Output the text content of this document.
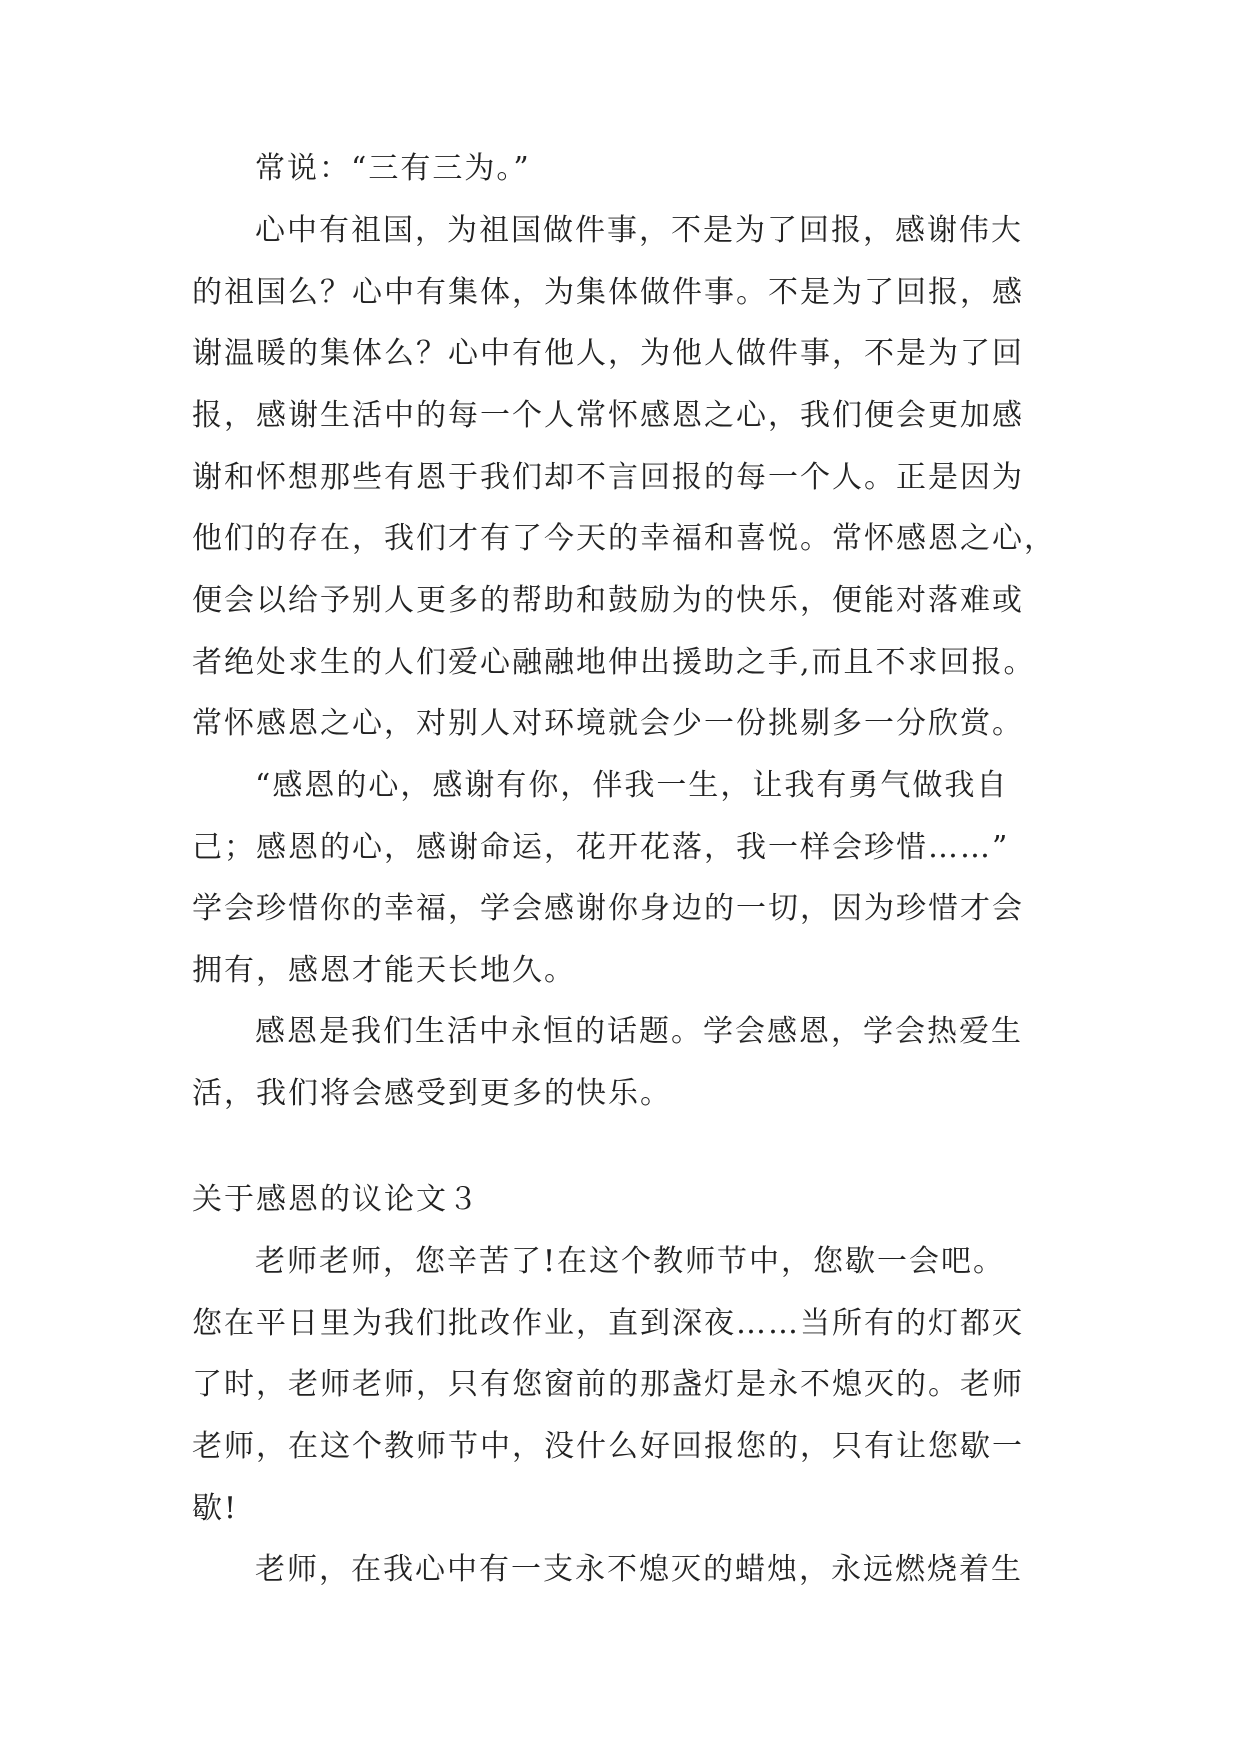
常说：“三有三为。”
心中有祖国，为祖国做件事，不是为了回报，感谢伟大
的祖国么？心中有集体，为集体做件事。不是为了回报，感
谢温暖的集体么？心中有他人，为他人做件事，不是为了回
报，感谢生活中的每一个人常怀感恩之心，我们便会更加感
谢和怀想那些有恩于我们却不言回报的每一个人。正是因为
他们的存在，我们才有了今天的幸福和喜悦。常怀感恩之心，
便会以给予别人更多的帮助和鼓励为的快乐，便能对落难或
者绝处求生的人们爱心融融地伸出援助之手,而且不求回报。
常怀感恩之心，对别人对环境就会少一份挑剔多一分欣赏。
“感恩的心，感谢有你，伴我一生，让我有勇气做我自
己；感恩的心，感谢命运，花开花落，我一样会珍惜……”
学会珍惜你的幸福，学会感谢你身边的一切，因为珍惜才会
拥有，感恩才能天长地久。
感恩是我们生活中永恒的话题。学会感恩，学会热爱生
活，我们将会感受到更多的快乐。
关于感恩的议论文３
老师老师，您辛苦了!在这个教师节中，您歇一会吧。
您在平日里为我们批改作业，直到深夜……当所有的灯都灭
了时，老师老师，只有您窗前的那盏灯是永不熄灭的。老师
老师，在这个教师节中，没什么好回报您的，只有让您歇一
歇!
老师，在我心中有一支永不熄灭的蜡烛，永远燃烧着生
